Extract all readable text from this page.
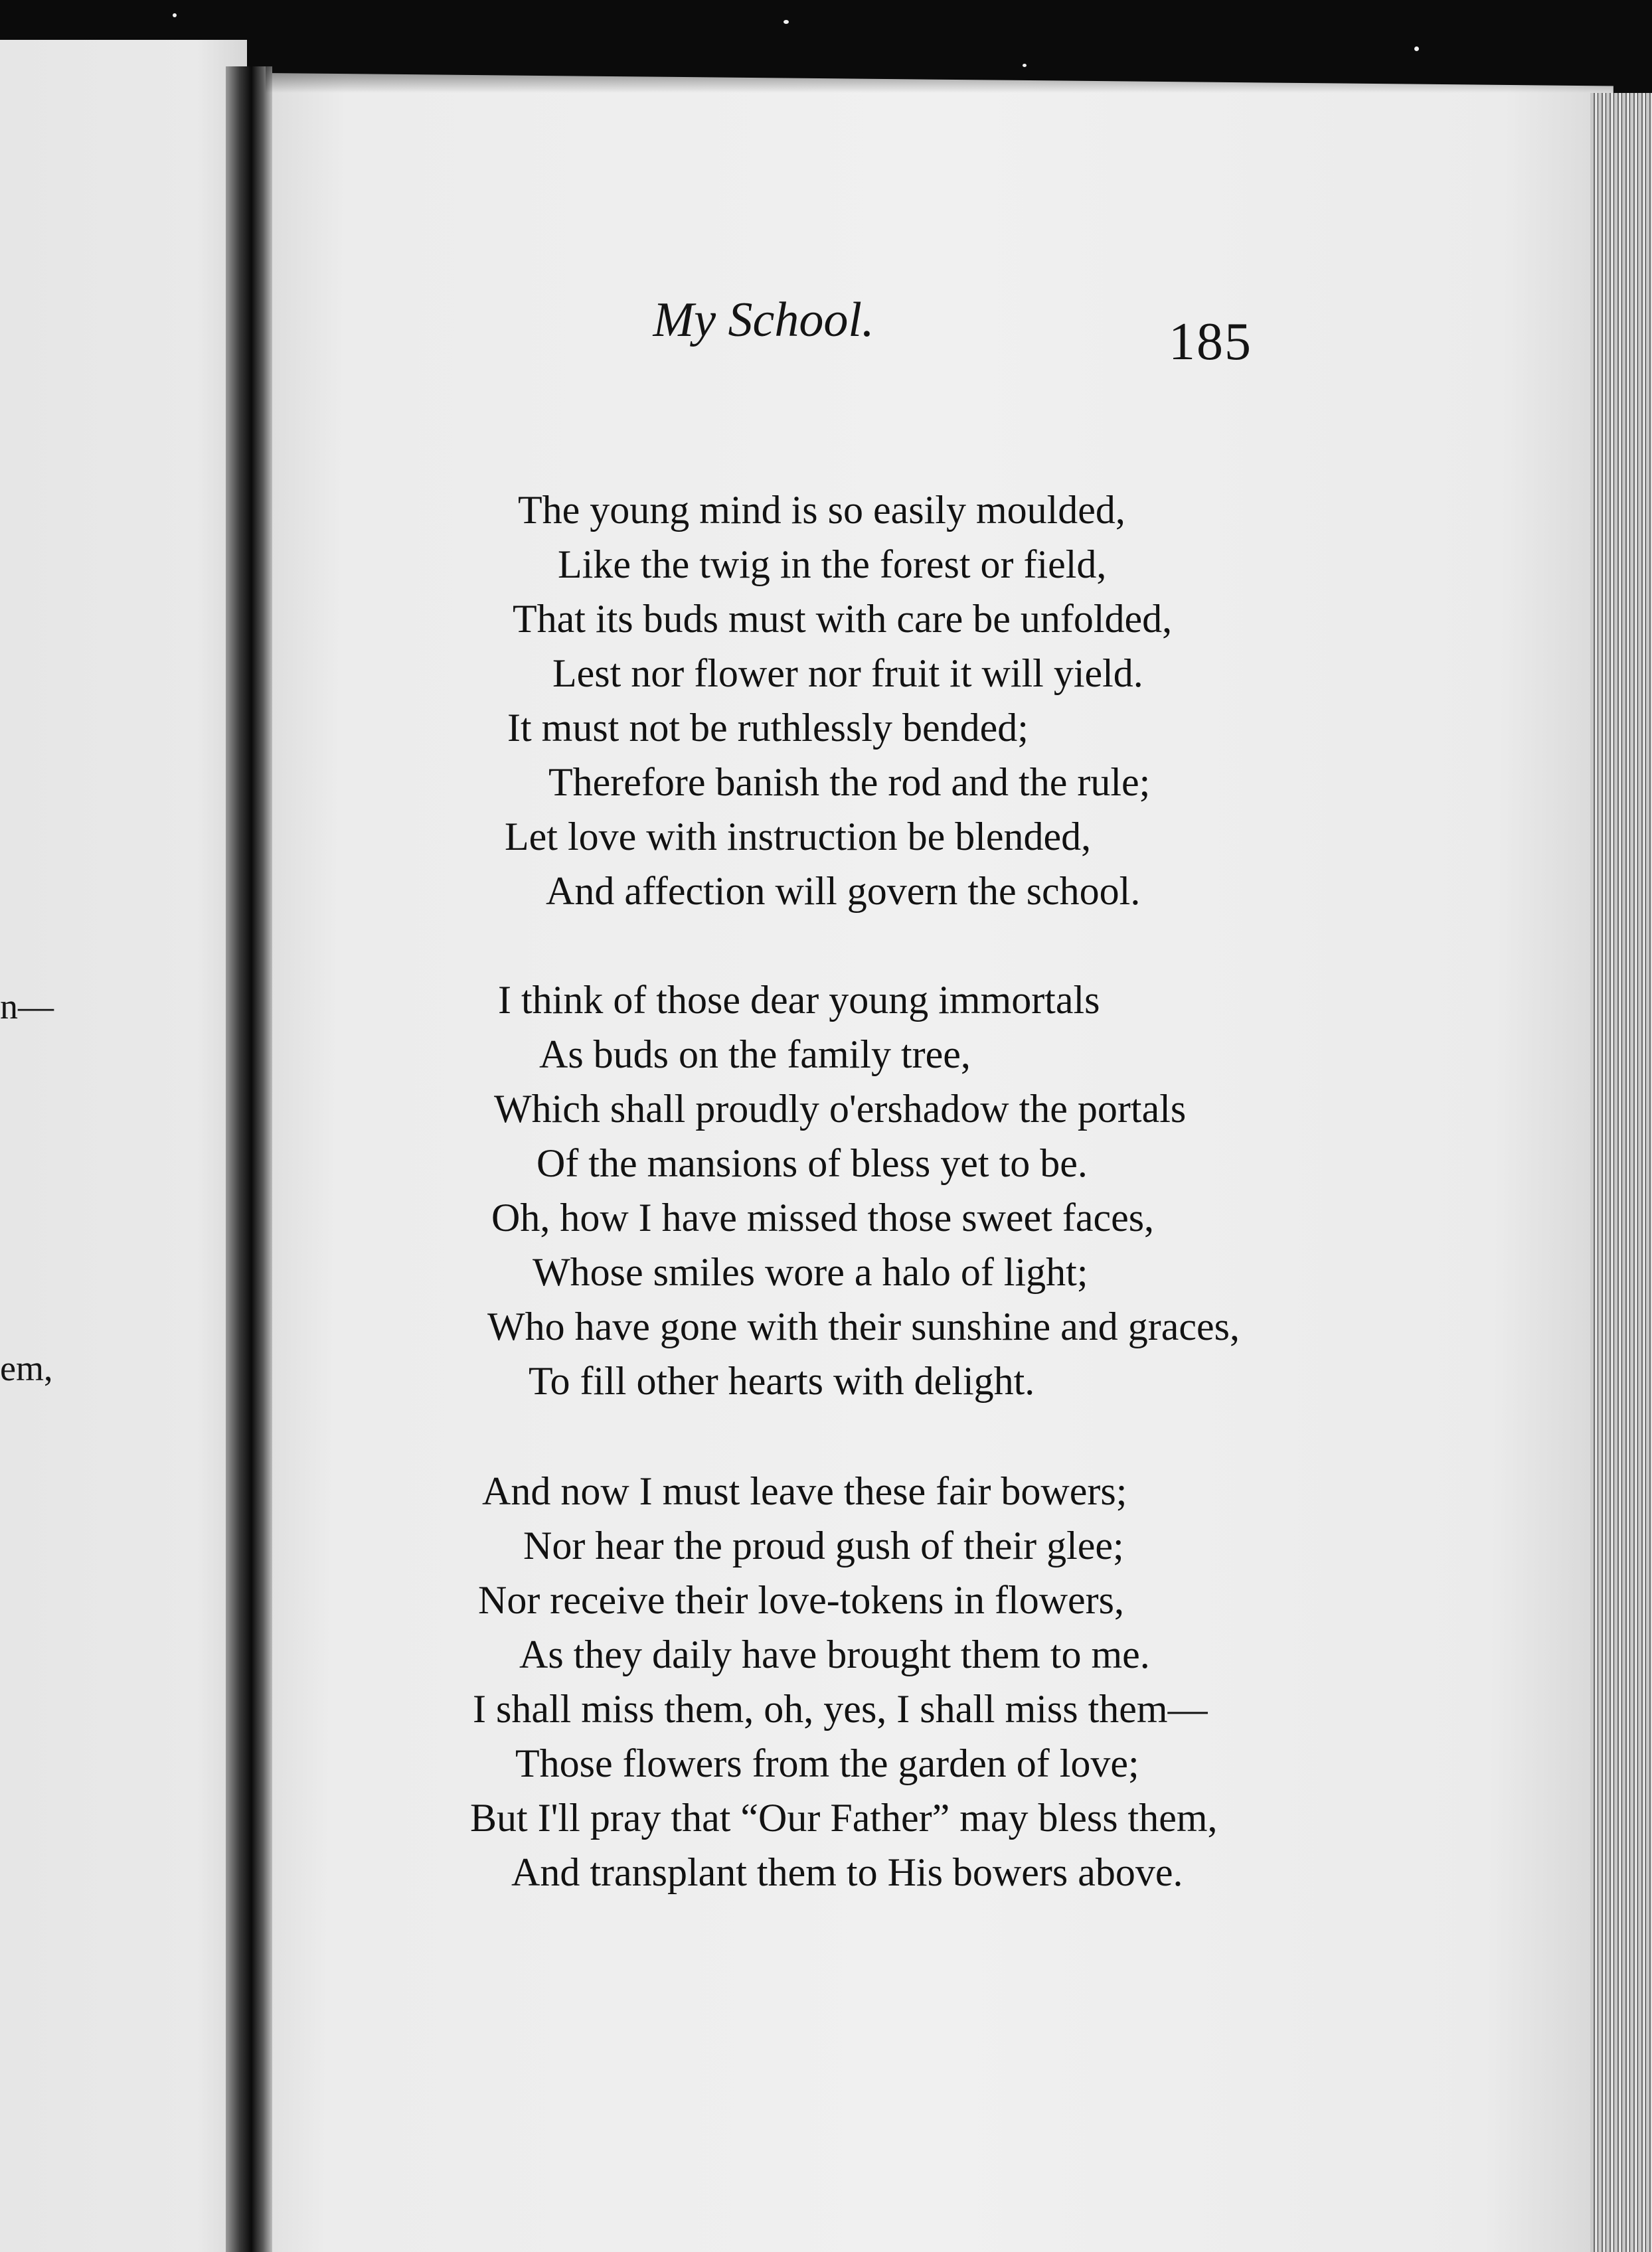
n—
em,
My School.	185
The young mind is so easily moulded,
Like the twig in the forest or field,
That its buds must with care be unfolded,
Lest nor flower nor fruit it will yield.
It must not be ruthlessly bended;
Therefore banish the rod and the rule;
Let love with instruction be blended,
And affection will govern the school.
I think of those dear young immortals
As buds on the family tree,
Which shall proudly o'ershadow the portals
Of the mansions of bless yet to be.
Oh, how I have missed those sweet faces,
Whose smiles wore a halo of light;
Who have gone with their sunshine and graces,
To fill other hearts with delight.
And now I must leave these fair bowers;
Nor hear the proud gush of their glee;
Nor receive their love-tokens in flowers,
As they daily have brought them to me.
I shall miss them, oh, yes, I shall miss them—
Those flowers from the garden of love;
But I'll pray that “Our Father” may bless them,
And transplant them to His bowers above.
